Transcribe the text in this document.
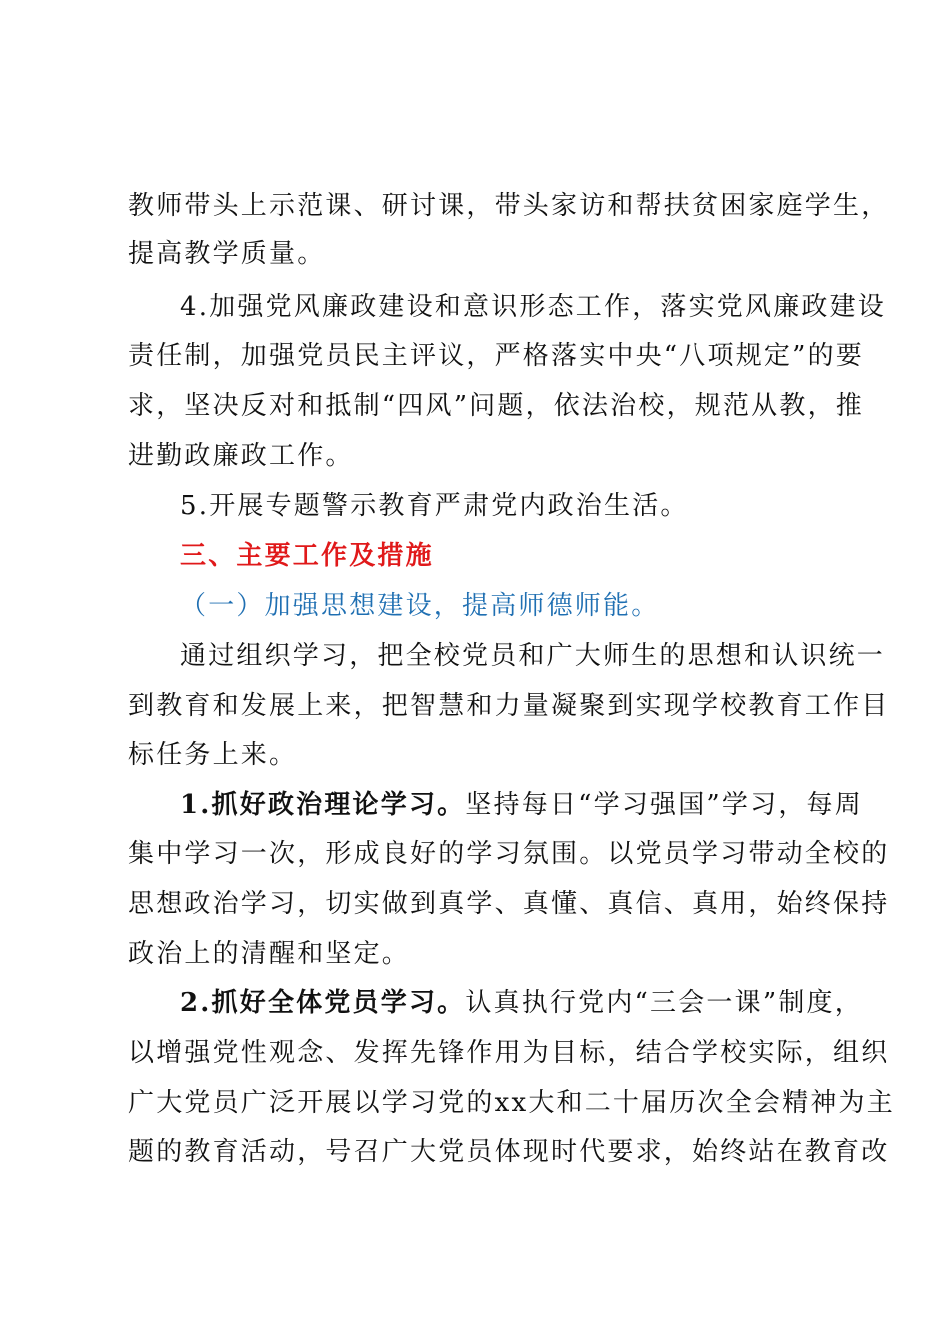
教师带头上示范课、研讨课，带头家访和帮扶贫困家庭学生，
提高教学质量。
4.加强党风廉政建设和意识形态工作，落实党风廉政建设
责任制，加强党员民主评议，严格落实中央“八项规定”的要
求，坚决反对和抵制“四风”问题，依法治校，规范从教，推
进勤政廉政工作。
5.开展专题警示教育严肃党内政治生活。
三、主要工作及措施
（一）加强思想建设，提高师德师能。
通过组织学习，把全校党员和广大师生的思想和认识统一
到教育和发展上来，把智慧和力量凝聚到实现学校教育工作目
标任务上来。
1.抓好政治理论学习。坚持每日“学习强国”学习，每周
集中学习一次，形成良好的学习氛围。以党员学习带动全校的
思想政治学习，切实做到真学、真懂、真信、真用，始终保持
政治上的清醒和坚定。
2.抓好全体党员学习。认真执行党内“三会一课”制度，
以增强党性观念、发挥先锋作用为目标，结合学校实际，组织
广大党员广泛开展以学习党的xx大和二十届历次全会精神为主
题的教育活动，号召广大党员体现时代要求，始终站在教育改
